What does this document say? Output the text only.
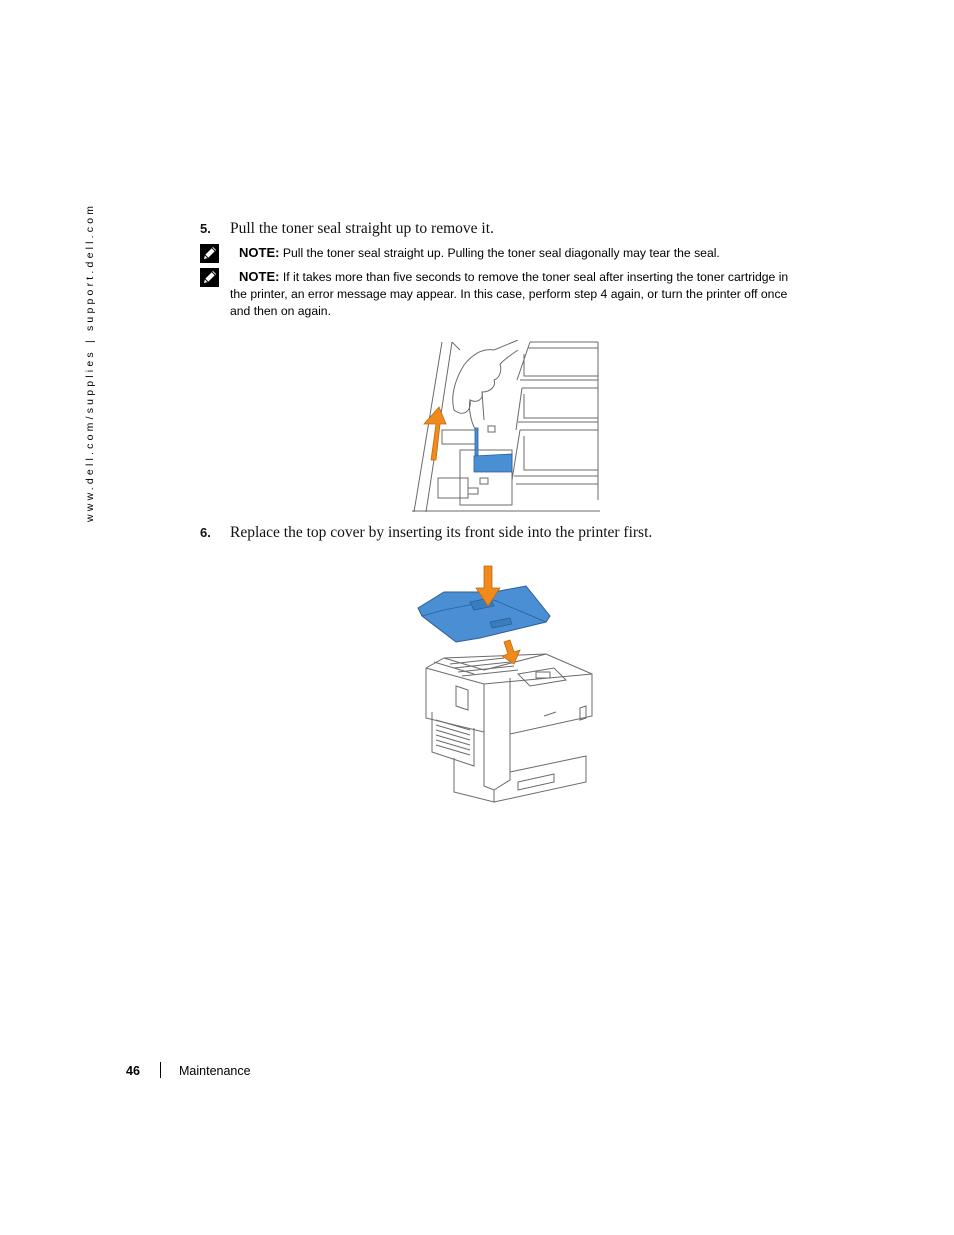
www.dell.com/supplies | support.dell.com	5. Pull the toner seal straight up to remove it.
NOTE: Pull the toner seal straight up. Pulling the toner seal diagonally may tear the seal.
NOTE: If it takes more than five seconds to remove the toner seal after inserting the toner cartridge in
the printer, an error message may appear. In this case, perform step 4 again, or turn the printer off once
and then on again.
6. Replace the top cover by inserting its front side into the printer first.
46	Maintenance
